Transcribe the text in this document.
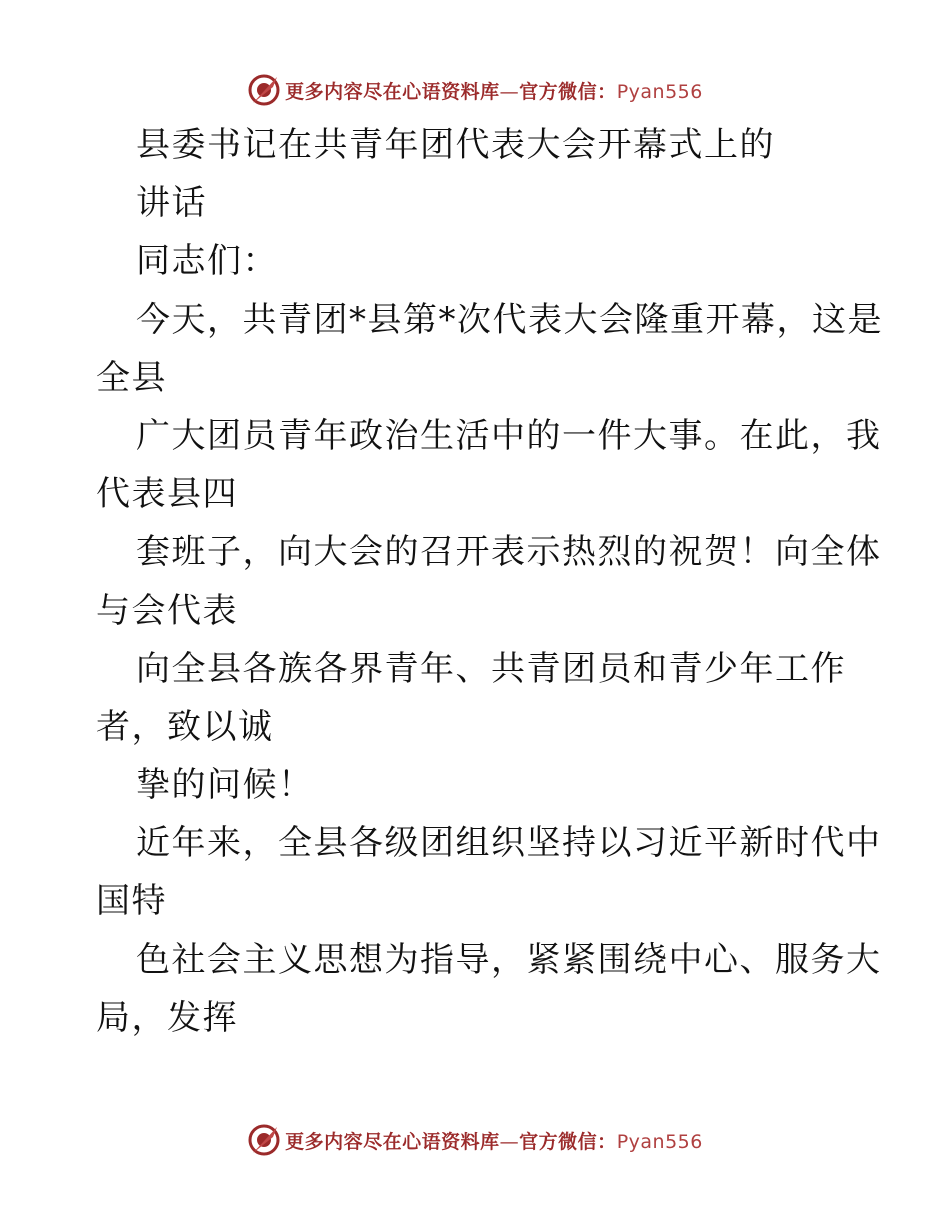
更多内容尽在心语资料库—官方微信：Pyan556
县委书记在共青年团代表大会开幕式上的
讲话
同志们：
今天，共青团*县第*次代表大会隆重开幕，这是
全县
广大团员青年政治生活中的一件大事。在此，我
代表县四
套班子，向大会的召开表示热烈的祝贺！向全体
与会代表
向全县各族各界青年、共青团员和青少年工作
者，致以诚
挚的问候！
近年来，全县各级团组织坚持以习近平新时代中
国特
色社会主义思想为指导，紧紧围绕中心、服务大
局，发挥
更多内容尽在心语资料库—官方微信：Pyan556
